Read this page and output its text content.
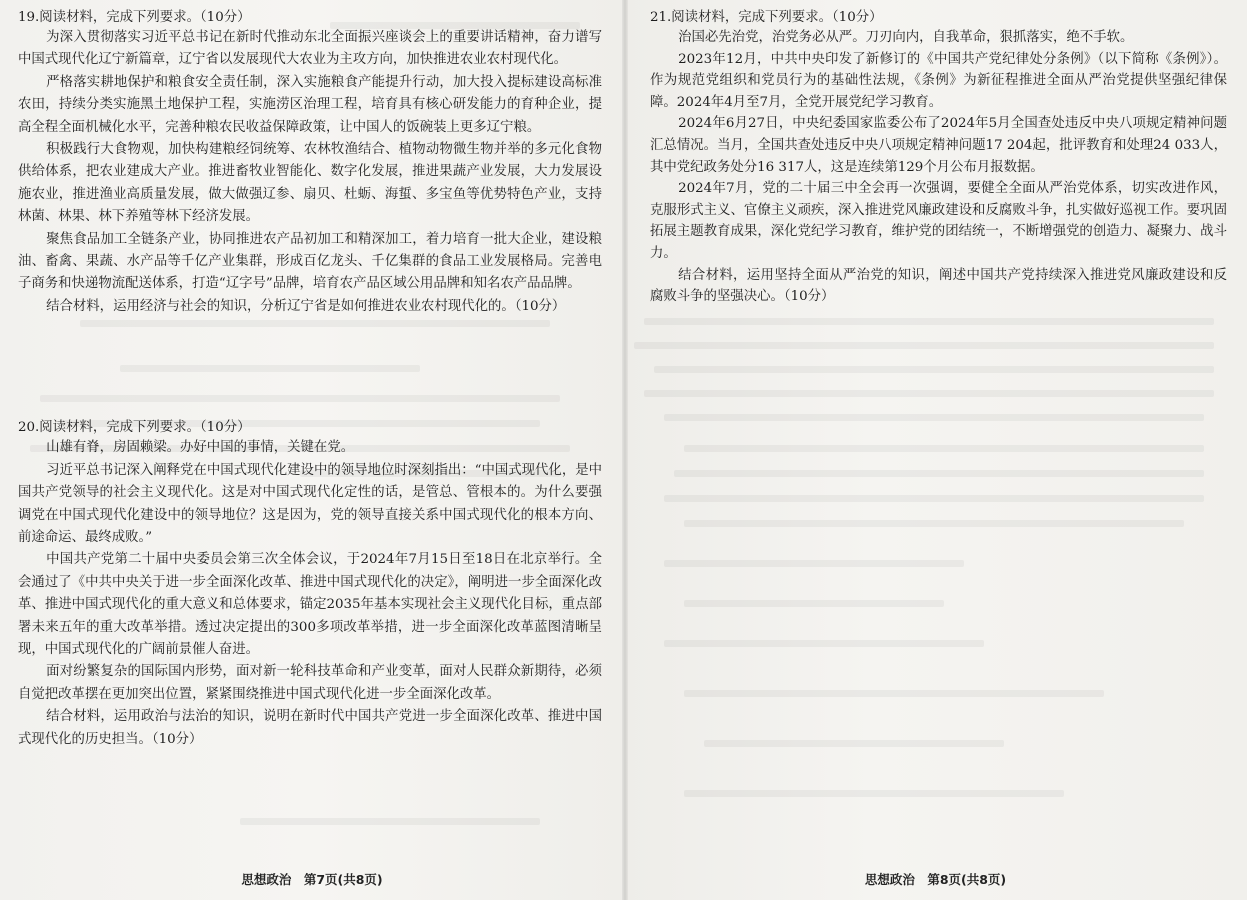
19.阅读材料，完成下列要求。（10分）

为深入贯彻落实习近平总书记在新时代推动东北全面振兴座谈会上的重要讲话精神，奋力谱写中国式现代化辽宁新篇章，辽宁省以发展现代大农业为主攻方向，加快推进农业农村现代化。

严格落实耕地保护和粮食安全责任制，深入实施粮食产能提升行动，加大投入提标建设高标准农田，持续分类实施黑土地保护工程，实施涝区治理工程，培育具有核心研发能力的育种企业，提高全程全面机械化水平，完善种粮农民收益保障政策，让中国人的饭碗装上更多辽宁粮。

积极践行大食物观，加快构建粮经饲统筹、农林牧渔结合、植物动物微生物并举的多元化食物供给体系，把农业建成大产业。推进畜牧业智能化、数字化发展，推进果蔬产业发展，大力发展设施农业，推进渔业高质量发展，做大做强辽参、扇贝、杜蛎、海蜇、多宝鱼等优势特色产业，支持林菌、林果、林下养殖等林下经济发展。

聚焦食品加工全链条产业，协同推进农产品初加工和精深加工，着力培育一批大企业，建设粮油、畜禽、果蔬、水产品等千亿产业集群，形成百亿龙头、千亿集群的食品工业发展格局。完善电子商务和快递物流配送体系，打造“辽字号”品牌，培育农产品区域公用品牌和知名农产品品牌。

结合材料，运用经济与社会的知识，分析辽宁省是如何推进农业农村现代化的。（10分）

20.阅读材料，完成下列要求。（10分）

山雄有脊，房固赖梁。办好中国的事情，关键在党。

习近平总书记深入阐释党在中国式现代化建设中的领导地位时深刻指出：“中国式现代化，是中国共产党领导的社会主义现代化。这是对中国式现代化定性的话，是管总、管根本的。为什么要强调党在中国式现代化建设中的领导地位？这是因为，党的领导直接关系中国式现代化的根本方向、前途命运、最终成败。”

中国共产党第二十届中央委员会第三次全体会议，于2024年7月15日至18日在北京举行。全会通过了《中共中央关于进一步全面深化改革、推进中国式现代化的决定》，阐明进一步全面深化改革、推进中国式现代化的重大意义和总体要求，锚定2035年基本实现社会主义现代化目标，重点部署未来五年的重大改革举措。透过决定提出的300多项改革举措，进一步全面深化改革蓝图清晰呈现，中国式现代化的广阔前景催人奋进。

面对纷繁复杂的国际国内形势，面对新一轮科技革命和产业变革，面对人民群众新期待，必须自觉把改革摆在更加突出位置，紧紧围绕推进中国式现代化进一步全面深化改革。

结合材料，运用政治与法治的知识，说明在新时代中国共产党进一步全面深化改革、推进中国式现代化的历史担当。（10分）

思想政治　第7页(共8页)
21.阅读材料，完成下列要求。（10分）

治国必先治党，治党务必从严。刀刃向内，自我革命，狠抓落实，绝不手软。

2023年12月，中共中央印发了新修订的《中国共产党纪律处分条例》（以下简称《条例》）。作为规范党组织和党员行为的基础性法规，《条例》为新征程推进全面从严治党提供坚强纪律保障。2024年4月至7月，全党开展党纪学习教育。

2024年6月27日，中央纪委国家监委公布了2024年5月全国查处违反中央八项规定精神问题汇总情况。当月，全国共查处违反中央八项规定精神问题17 204起，批评教育和处理24 033人，其中党纪政务处分16 317人，这是连续第129个月公布月报数据。

2024年7月，党的二十届三中全会再一次强调，要健全全面从严治党体系，切实改进作风，克服形式主义、官僚主义顽疾，深入推进党风廉政建设和反腐败斗争，扎实做好巡视工作。要巩固拓展主题教育成果，深化党纪学习教育，维护党的团结统一，不断增强党的创造力、凝聚力、战斗力。

结合材料，运用坚持全面从严治党的知识，阐述中国共产党持续深入推进党风廉政建设和反腐败斗争的坚强决心。（10分）

思想政治　第8页(共8页)
